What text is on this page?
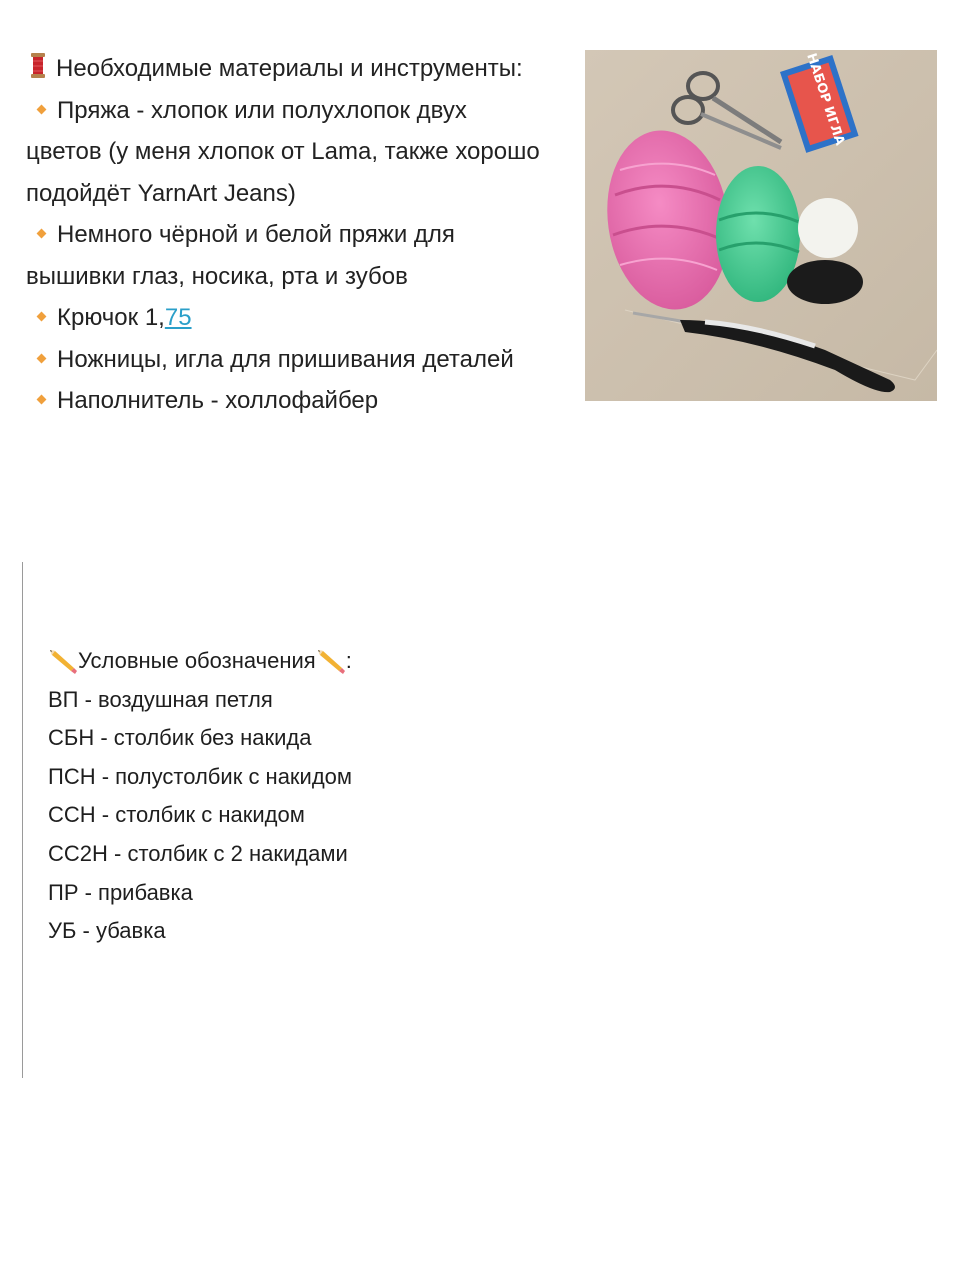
Необходимые материалы и инструменты:
Пряжа - хлопок или полухлопок двух
цветов (у меня хлопок от Lama, также хорошо
подойдёт YarnArt Jeans)
Немного чёрной и белой пряжи для
вышивки глаз, носика, рта и зубов
Крючок 1,75
Ножницы, игла для пришивания деталей
Наполнитель - холлофайбер
НАБОР ИГЛА
Условные обозначения :
ВП - воздушная петля
СБН - столбик без накида
ПСН - полустолбик с накидом
ССН - столбик с накидом
СС2Н - столбик с 2 накидами
ПР - прибавка
УБ - убавка
